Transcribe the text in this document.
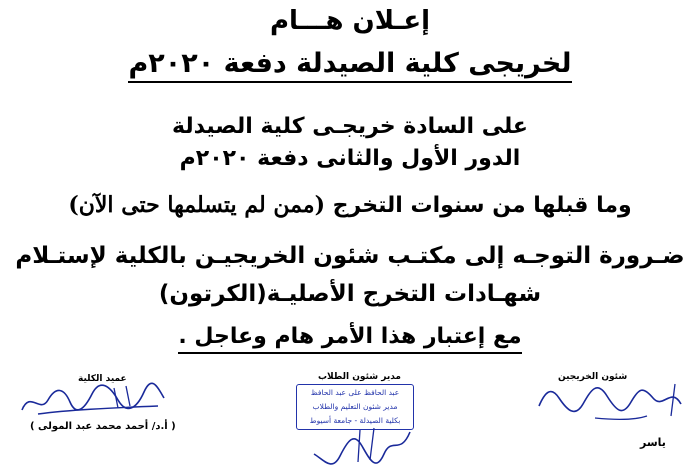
إعـلان هـــام
لخريجى كلية الصيدلة دفعة ٢٠٢٠م
على السادة خريجـى كلية الصيدلة
الدور الأول والثانى دفعة ٢٠٢٠م
وما قبلها من سنوات التخرج (ممن لم يتسلمها حتى الآن)
ضـرورة التوجـه إلى مكتـب شئون الخريجيـن بالكلية لإستـلام
شهـادات التخرج الأصليـة(الكرتون)
مع إعتبار هذا الأمر هام وعاجل .
عميد الكلية
( أ.د/ أحمد محمد عبد المولى )
مدير شئون الطلاب
عبد الحافظ على عبد الحافظ
مدير شئون التعليم والطلاب
بكلية الصيدلة - جامعة أسيوط
شئون الخريجين
ياسر
